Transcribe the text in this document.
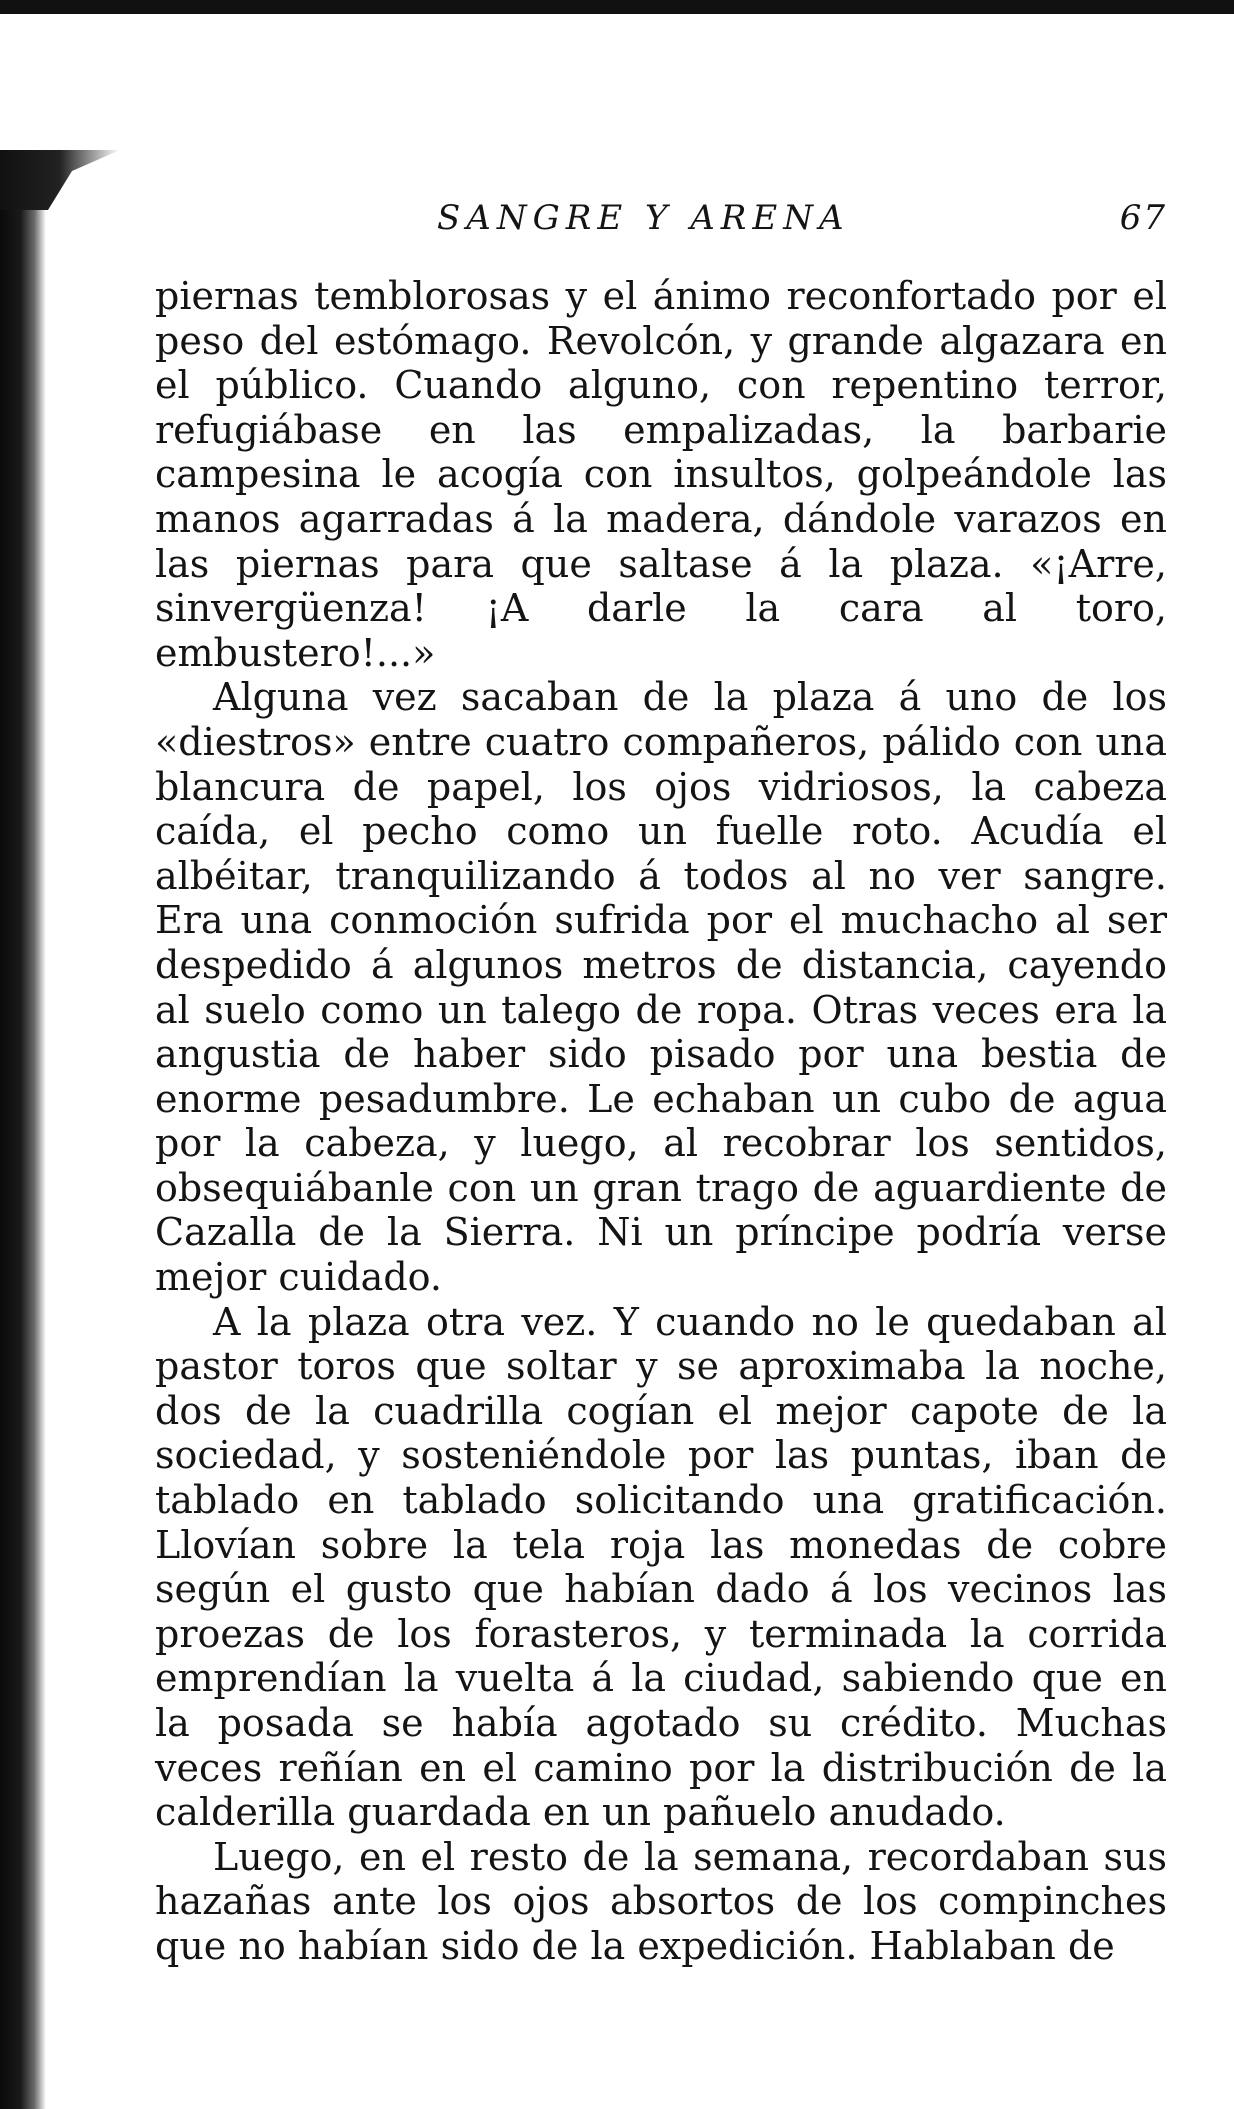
SANGRE Y ARENA	67

piernas temblorosas y el ánimo reconfortado por el peso del estómago. Revolcón, y grande algazara en el público. Cuando alguno, con repentino terror, refugiábase en las empalizadas, la barbarie campesina le acogía con insultos, golpeándole las manos agarradas á la madera, dándole varazos en las piernas para que saltase á la plaza. «¡Arre, sinvergüenza! ¡A darle la cara al toro, embustero!...»

Alguna vez sacaban de la plaza á uno de los «diestros» entre cuatro compañeros, pálido con una blancura de papel, los ojos vidriosos, la cabeza caída, el pecho como un fuelle roto. Acudía el albéitar, tranquilizando á todos al no ver sangre. Era una conmoción sufrida por el muchacho al ser despedido á algunos metros de distancia, cayendo al suelo como un talego de ropa. Otras veces era la angustia de haber sido pisado por una bestia de enorme pesadumbre. Le echaban un cubo de agua por la cabeza, y luego, al recobrar los sentidos, obsequiábanle con un gran trago de aguardiente de Cazalla de la Sierra. Ni un príncipe podría verse mejor cuidado.

A la plaza otra vez. Y cuando no le quedaban al pastor toros que soltar y se aproximaba la noche, dos de la cuadrilla cogían el mejor capote de la sociedad, y sosteniéndole por las puntas, iban de tablado en tablado solicitando una gratificación. Llovían sobre la tela roja las monedas de cobre según el gusto que habían dado á los vecinos las proezas de los forasteros, y terminada la corrida emprendían la vuelta á la ciudad, sabiendo que en la posada se había agotado su crédito. Muchas veces reñían en el camino por la distribución de la calderilla guardada en un pañuelo anudado.

Luego, en el resto de la semana, recordaban sus hazañas ante los ojos absortos de los compinches que no habían sido de la expedición. Hablaban de
